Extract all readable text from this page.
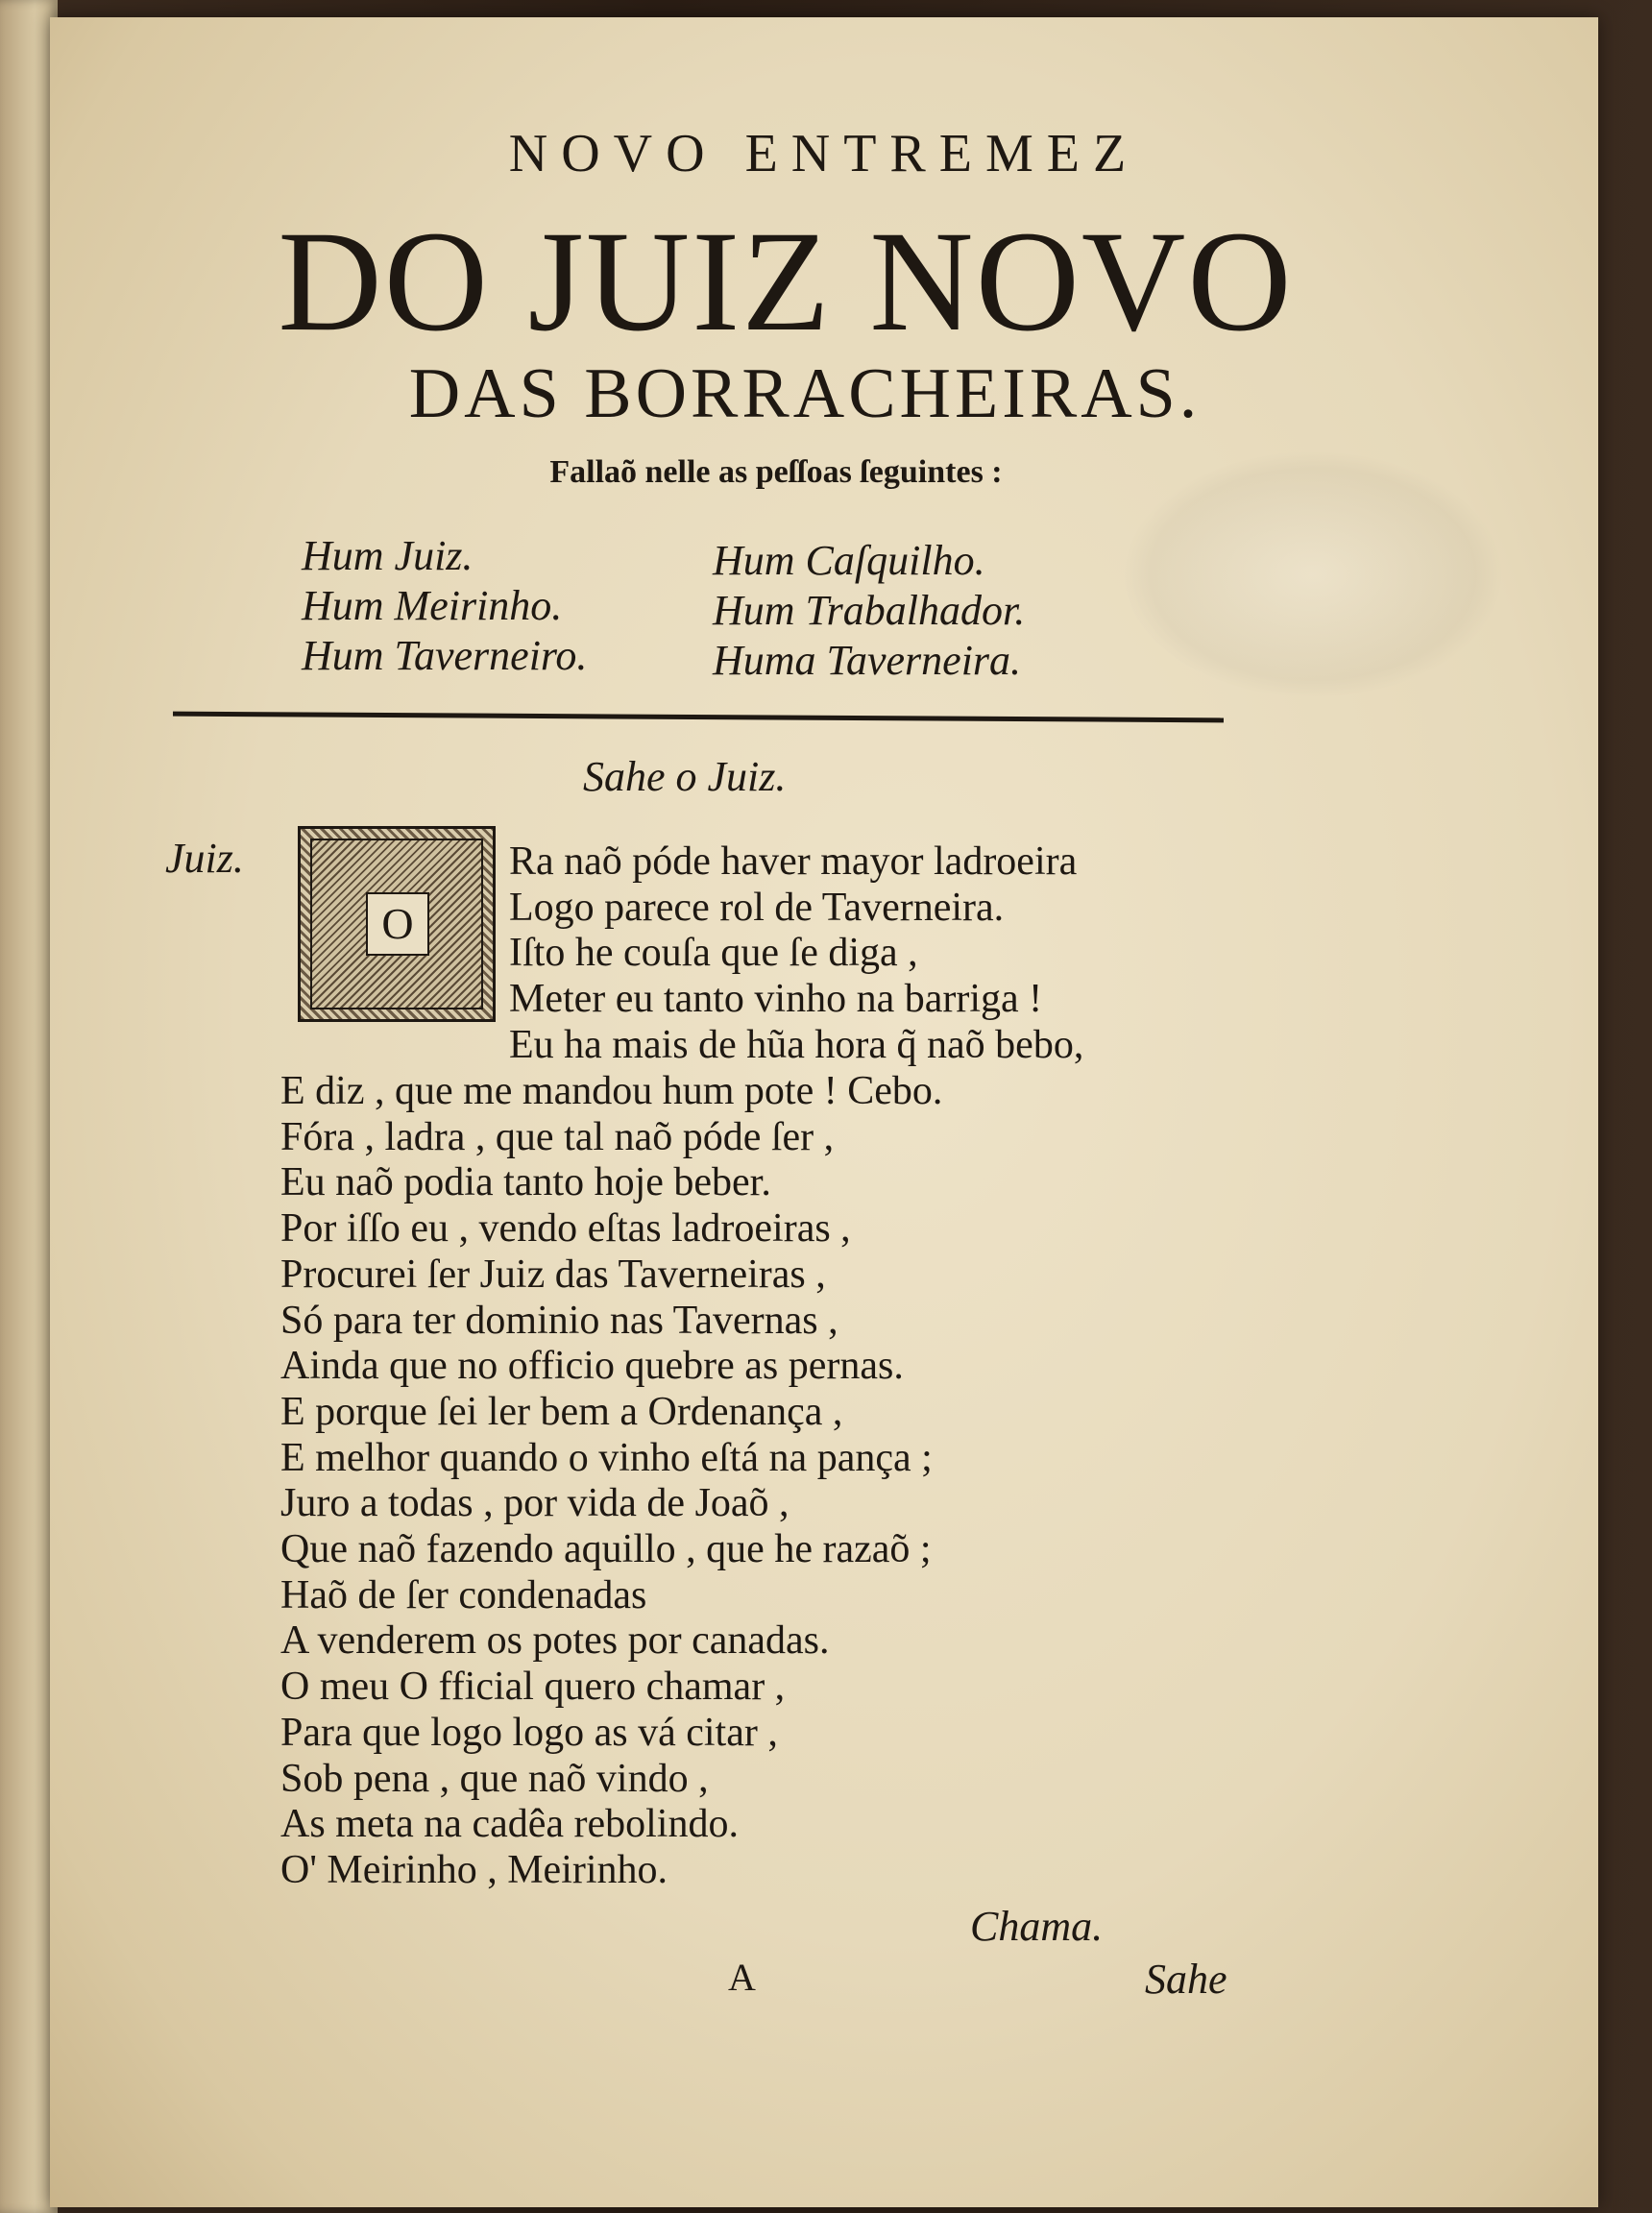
NOVO ENTREMEZ
DO JUIZ NOVO
DAS BORRACHEIRAS.
Fallaõ nelle as peſſoas ſeguintes :
Hum Juiz.
Hum Meirinho.
Hum Taverneiro.
Hum Caſquilho.
Hum Trabalhador.
Huma Taverneira.
Sahe o Juiz.
Juiz.
O
Ra naõ póde haver mayor ladroeira
Logo parece rol de Taverneira.
Iſto he couſa que ſe diga ,
Meter eu tanto vinho na barriga !
Eu ha mais de hũa hora q̃ naõ bebo,
E diz , que me mandou hum pote ! Cebo.
Fóra , ladra , que tal naõ póde ſer ,
Eu naõ podia tanto hoje beber.
Por iſſo eu , vendo eſtas ladroeiras ,
Procurei ſer Juiz das Taverneiras ,
Só para ter dominio nas Tavernas ,
Ainda que no officio quebre as pernas.
E porque ſei ler bem a Ordenança ,
E melhor quando o vinho eſtá na pança ;
Juro a todas , por vida de Joaõ ,
Que naõ fazendo aquillo , que he razaõ ;
Haõ de ſer condenadas
A venderem os potes por canadas.
O meu O fficial quero chamar ,
Para que logo logo as vá citar ,
Sob pena , que naõ vindo ,
As meta na cadêa rebolindo.
O' Meirinho , Meirinho.
Chama.
A	Sahe
